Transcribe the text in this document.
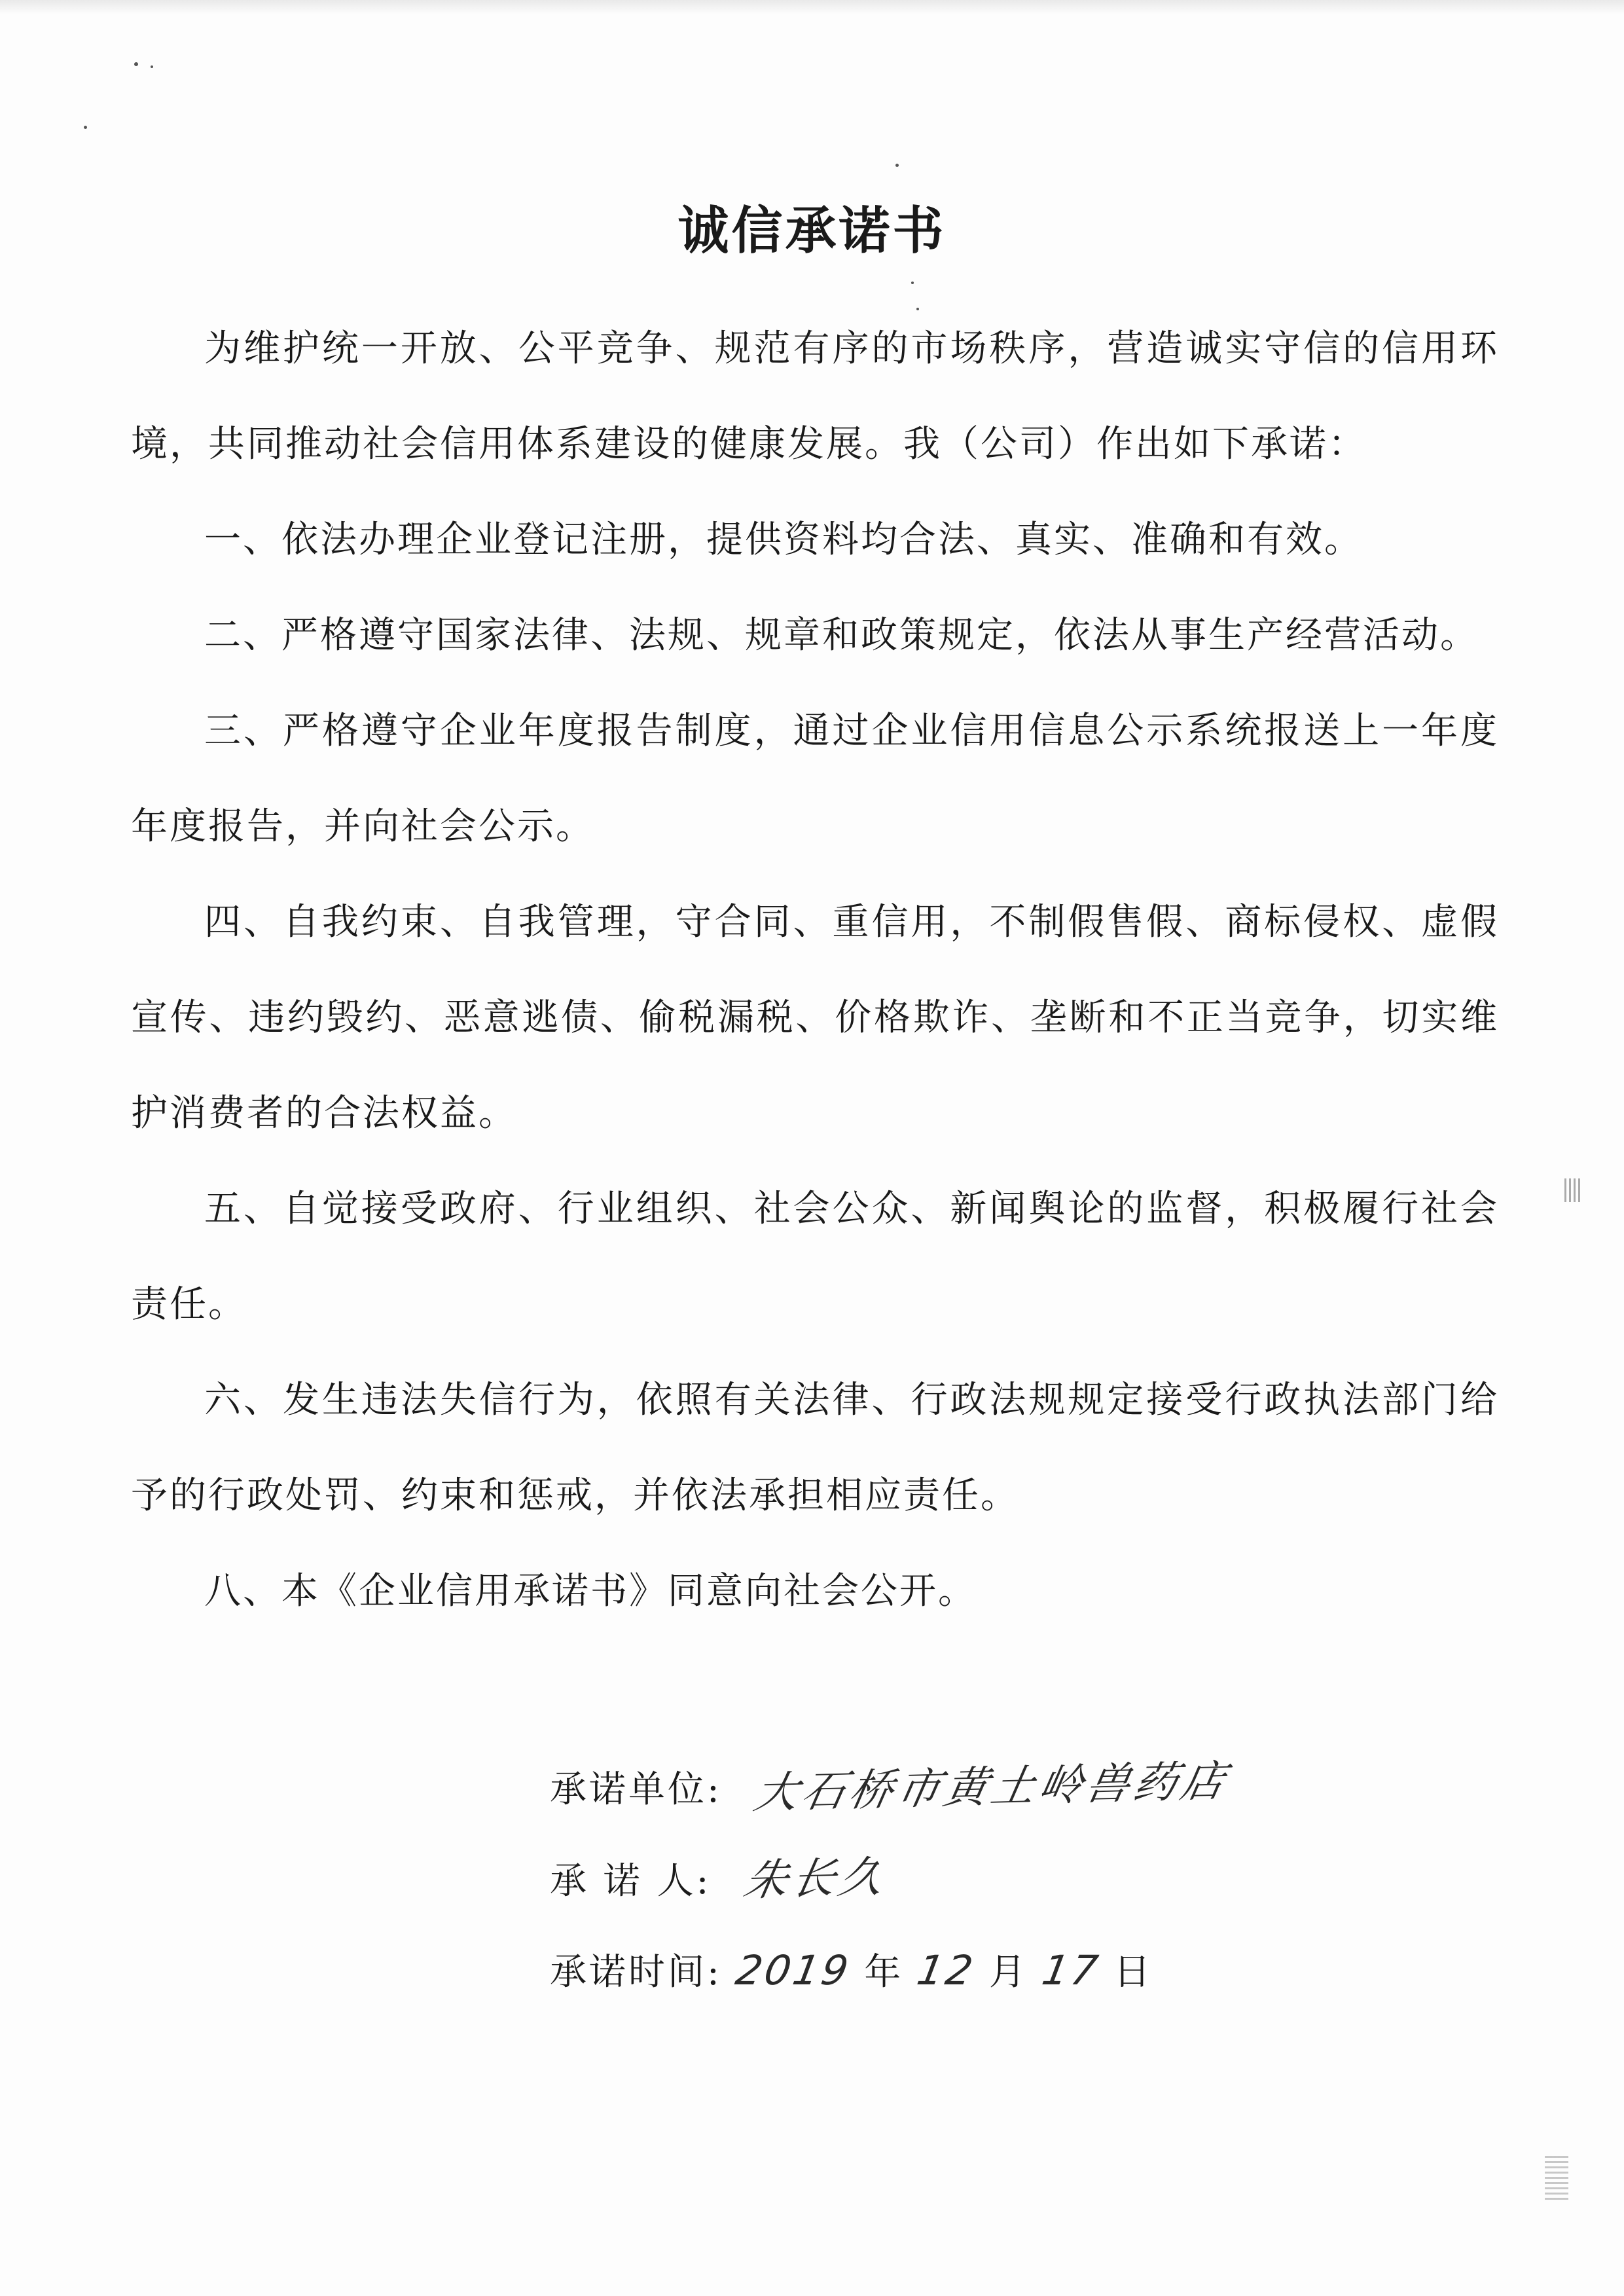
诚信承诺书

为维护统一开放、公平竞争、规范有序的市场秩序，营造诚实守信的信用环境，共同推动社会信用体系建设的健康发展。我（公司）作出如下承诺：

一、依法办理企业登记注册，提供资料均合法、真实、准确和有效。

二、严格遵守国家法律、法规、规章和政策规定，依法从事生产经营活动。

三、严格遵守企业年度报告制度，通过企业信用信息公示系统报送上一年度年度报告，并向社会公示。

四、自我约束、自我管理，守合同、重信用，不制假售假、商标侵权、虚假宣传、违约毁约、恶意逃债、偷税漏税、价格欺诈、垄断和不正当竞争，切实维护消费者的合法权益。

五、自觉接受政府、行业组织、社会公众、新闻舆论的监督，积极履行社会责任。

六、发生违法失信行为，依照有关法律、行政法规规定接受行政执法部门给予的行政处罚、约束和惩戒，并依法承担相应责任。

八、本《企业信用承诺书》同意向社会公开。

承诺单位: 大石桥市黄土岭兽药店
承 诺 人: 朱长久
承诺时间: 2019 年 12 月 17 日
